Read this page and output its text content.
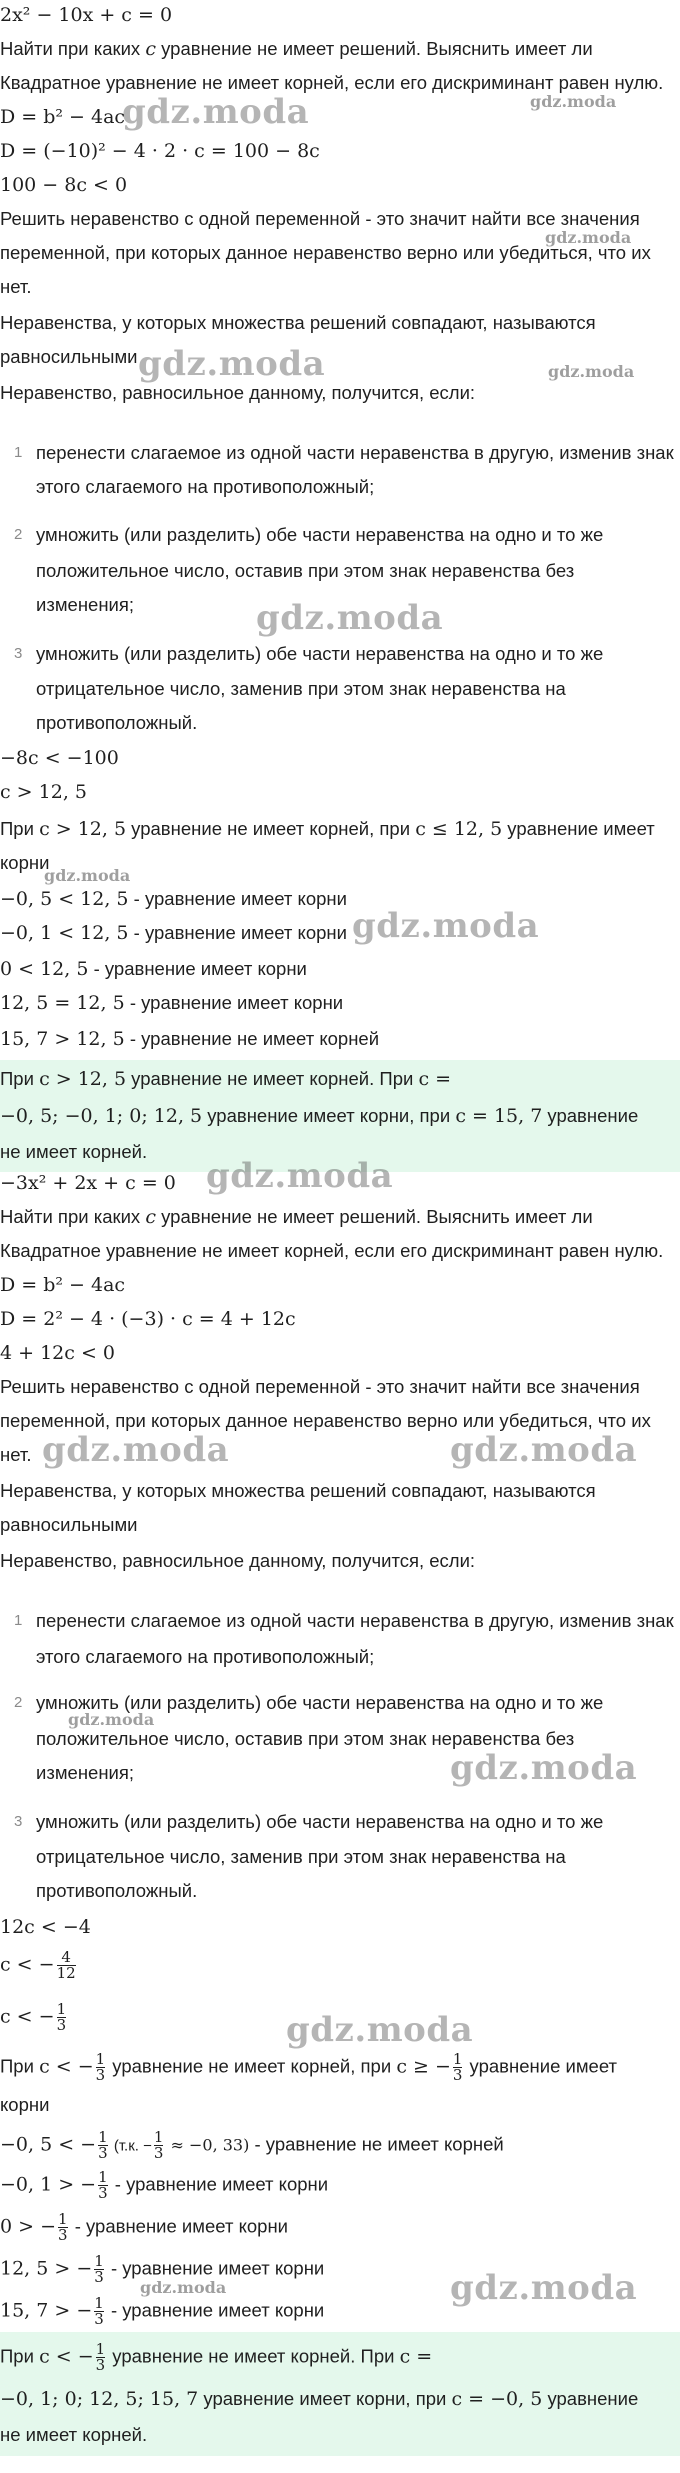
2x² − 10x + c = 0
Найти при каких c уравнение не имеет решений. Выяснить имеет ли
Квадратное уравнение не имеет корней, если его дискриминант равен нулю.
D = b² − 4ac
D = (−10)² − 4 · 2 · c = 100 − 8c
100 − 8c < 0
Решить неравенство с одной переменной - это значит найти все значения
переменной, при которых данное неравенство верно или убедиться, что их
нет.
Неравенства, у которых множества решений совпадают, называются
равносильными
Неравенство, равносильное данному, получится, если:
1 перенести слагаемое из одной части неравенства в другую, изменив знак
этого слагаемого на противоположный;
2 умножить (или разделить) обе части неравенства на одно и то же
положительное число, оставив при этом знак неравенства без
изменения;
3 умножить (или разделить) обе части неравенства на одно и то же
отрицательное число, заменив при этом знак неравенства на
противоположный.
−8c < −100
c > 12, 5
При c > 12, 5 уравнение не имеет корней, при c ≤ 12, 5 уравнение имеет
корни
−0, 5 < 12, 5 - уравнение имеет корни
−0, 1 < 12, 5 - уравнение имеет корни
0 < 12, 5 - уравнение имеет корни
12, 5 = 12, 5 - уравнение имеет корни
15, 7 > 12, 5 - уравнение не имеет корней
При c > 12, 5 уравнение не имеет корней. При c =
−0, 5; −0, 1; 0; 12, 5 уравнение имеет корни, при c = 15, 7 уравнение
не имеет корней.
−3x² + 2x + c = 0
Найти при каких c уравнение не имеет решений. Выяснить имеет ли
Квадратное уравнение не имеет корней, если его дискриминант равен нулю.
D = b² − 4ac
D = 2² − 4 · (−3) · c = 4 + 12c
4 + 12c < 0
Решить неравенство с одной переменной - это значит найти все значения
переменной, при которых данное неравенство верно или убедиться, что их
нет.
Неравенства, у которых множества решений совпадают, называются
равносильными
Неравенство, равносильное данному, получится, если:
1 перенести слагаемое из одной части неравенства в другую, изменив знак
этого слагаемого на противоположный;
2 умножить (или разделить) обе части неравенства на одно и то же
положительное число, оставив при этом знак неравенства без
изменения;
3 умножить (или разделить) обе части неравенства на одно и то же
отрицательное число, заменив при этом знак неравенства на
противоположный.
12c < −4
c < − $\frac{4}{12}$
c < − $\frac{1}{3}$
При c < − $\frac{1}{3}$ уравнение не имеет корней, при c ≥ − $\frac{1}{3}$ уравнение имеет
корни
−0, 5 < − $\frac{1}{3} (т.к$. − $\frac{1}{3} \approx -0$, 33) - уравнение не имеет корней
−0, 1 > − $\frac{1}{3}$ - уравнение имеет корни
0 > − $\frac{1}{3}$ - уравнение имеет корни
12, 5 > − $\frac{1}{3}$ - уравнение имеет корни
15, 7 > − $\frac{1}{3}$ - уравнение имеет корни
При c < − $\frac{1}{3}$ уравнение не имеет корней. При c =
−0, 1; 0; 12, 5; 15, 7 уравнение имеет корни, при c = −0, 5 уравнение
не имеет корней.
gdz.moda	gdz.moda
gdz.moda
gdz.moda	gdz.moda
gdz.moda
gdz.moda
gdz.moda
gdz.moda
gdz.moda	gdz.moda
gdz.moda
gdz.moda
gdz.moda
gdz.moda	gdz.moda
